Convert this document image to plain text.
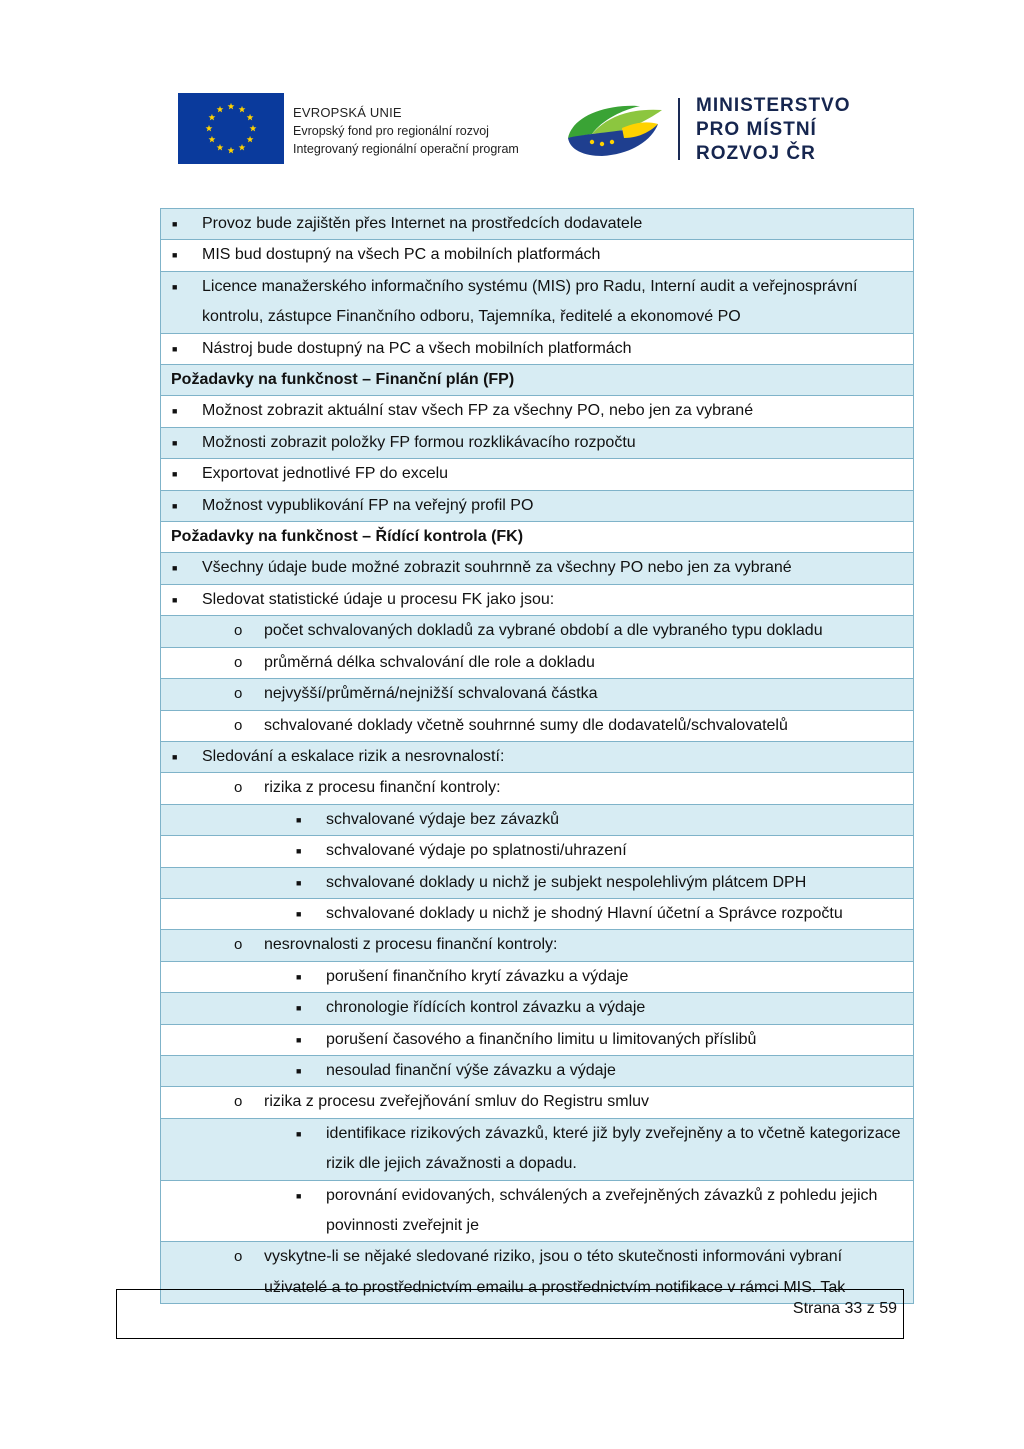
EVROPSKÁ UNIE
Evropský fond pro regionální rozvoj
Integrovaný regionální operační program
MINISTERSTVO
PRO MÍSTNÍ
ROZVOJ ČR
■ Provoz bude zajištěn přes Internet na prostředcích dodavatele
■ MIS bud dostupný na všech PC a mobilních platformách
■ Licence manažerského informačního systému (MIS) pro Radu, Interní audit a veřejnosprávní kontrolu, zástupce Finančního odboru, Tajemníka, ředitelé a ekonomové PO
■ Nástroj bude dostupný na PC a všech mobilních platformách
Požadavky na funkčnost – Finanční plán (FP)
■ Možnost zobrazit aktuální stav všech FP za všechny PO, nebo jen za vybrané
■ Možnosti zobrazit položky FP formou rozklikávacího rozpočtu
■ Exportovat jednotlivé FP do excelu
■ Možnost vypublikování FP na veřejný profil PO
Požadavky na funkčnost – Řídící kontrola (FK)
■ Všechny údaje bude možné zobrazit souhrnně za všechny PO nebo jen za vybrané
■ Sledovat statistické údaje u procesu FK jako jsou:
o počet schvalovaných dokladů za vybrané období a dle vybraného typu dokladu
o průměrná délka schvalování dle role a dokladu
o nejvyšší/průměrná/nejnižší schvalovaná částka
o schvalované doklady včetně souhrnné sumy dle dodavatelů/schvalovatelů
■ Sledování a eskalace rizik a nesrovnalostí:
o rizika z procesu finanční kontroly:
■ schvalované výdaje bez závazků
■ schvalované výdaje po splatnosti/uhrazení
■ schvalované doklady u nichž je subjekt nespolehlivým plátcem DPH
■ schvalované doklady u nichž je shodný Hlavní účetní a Správce rozpočtu
o nesrovnalosti z procesu finanční kontroly:
■ porušení finančního krytí závazku a výdaje
■ chronologie řídících kontrol závazku a výdaje
■ porušení časového a finančního limitu u limitovaných příslibů
■ nesoulad finanční výše závazku a výdaje
o rizika z procesu zveřejňování smluv do Registru smluv
■ identifikace rizikových závazků, které již byly zveřejněny a to včetně kategorizace rizik dle jejich závažnosti a dopadu.
■ porovnání evidovaných, schválených a zveřejněných závazků z pohledu jejich povinnosti zveřejnit je
o vyskytne-li se nějaké sledované riziko, jsou o této skutečnosti informováni vybraní uživatelé a to prostřednictvím emailu a prostřednictvím notifikace v rámci MIS. Tak
Strana 33 z 59
